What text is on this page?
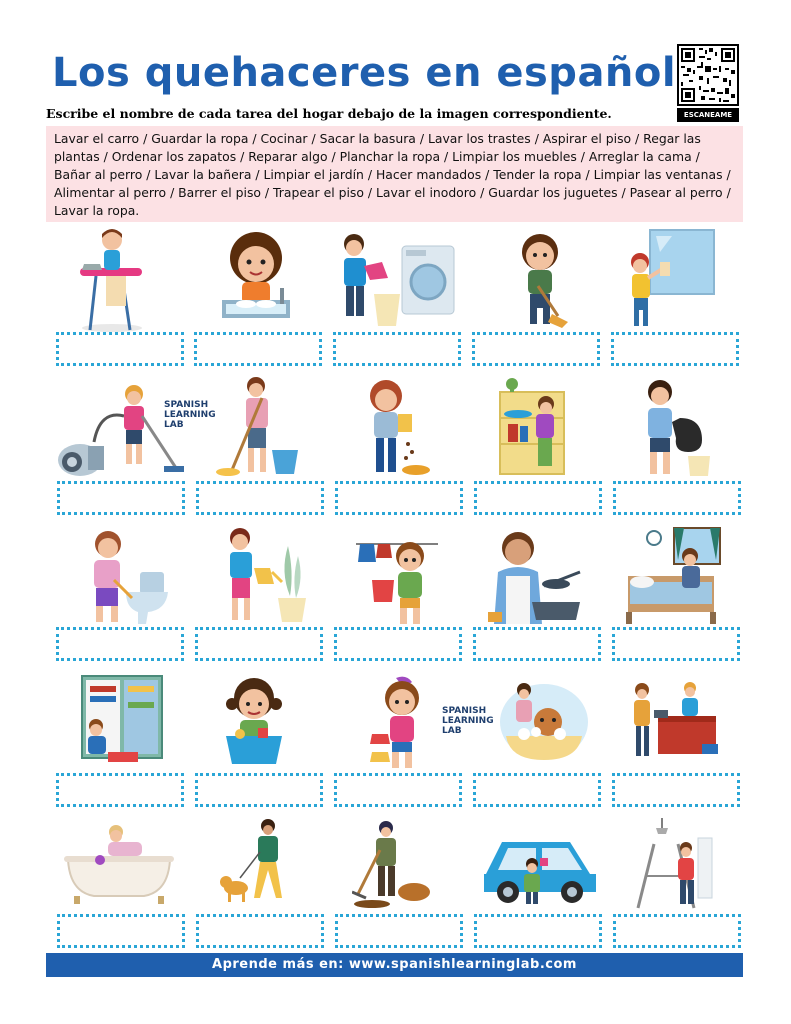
Los quehaceres en español
ESCANEAME
Escribe el nombre de cada tarea del hogar debajo de la imagen correspondiente.
Lavar el carro / Guardar la ropa / Cocinar / Sacar la basura / Lavar los trastes / Aspirar el piso / Regar las plantas / Ordenar los zapatos / Reparar algo / Planchar la ropa / Limpiar los muebles / Arreglar la cama / Bañar al perro / Lavar la bañera / Limpiar el jardín / Hacer mandados / Tender la ropa / Limpiar las ventanas / Alimentar al perro / Barrer el piso / Trapear el piso / Lavar el inodoro / Guardar los juguetes / Pasear al perro / Lavar la ropa.
SPANISH
LEARNING
LAB
SPANISH
LEARNING
LAB
Aprende más en: www.spanishlearninglab.com
